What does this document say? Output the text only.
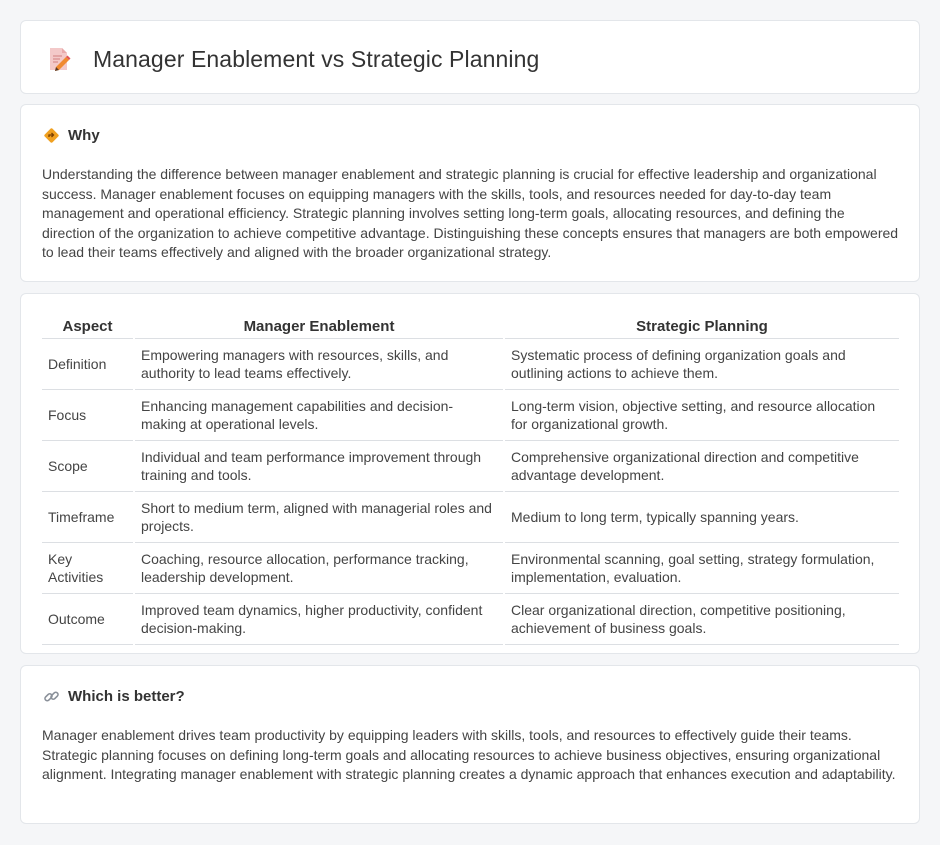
Manager Enablement vs Strategic Planning
Why

Understanding the difference between manager enablement and strategic planning is crucial for effective leadership and organizational success. Manager enablement focuses on equipping managers with the skills, tools, and resources needed for day-to-day team management and operational efficiency. Strategic planning involves setting long-term goals, allocating resources, and defining the direction of the organization to achieve competitive advantage. Distinguishing these concepts ensures that managers are both empowered to lead their teams effectively and aligned with the broader organizational strategy.

Aspect	Manager Enablement	Strategic Planning
Definition	Empowering managers with resources, skills, and authority to lead teams effectively.	Systematic process of defining organization goals and outlining actions to achieve them.
Focus	Enhancing management capabilities and decision-making at operational levels.	Long-term vision, objective setting, and resource allocation for organizational growth.
Scope	Individual and team performance improvement through training and tools.	Comprehensive organizational direction and competitive advantage development.
Timeframe	Short to medium term, aligned with managerial roles and projects.	Medium to long term, typically spanning years.
Key Activities	Coaching, resource allocation, performance tracking, leadership development.	Environmental scanning, goal setting, strategy formulation, implementation, evaluation.
Outcome	Improved team dynamics, higher productivity, confident decision-making.	Clear organizational direction, competitive positioning, achievement of business goals.
Which is better?

Manager enablement drives team productivity by equipping leaders with skills, tools, and resources to effectively guide their teams. Strategic planning focuses on defining long-term goals and allocating resources to achieve business objectives, ensuring organizational alignment. Integrating manager enablement with strategic planning creates a dynamic approach that enhances execution and adaptability.
